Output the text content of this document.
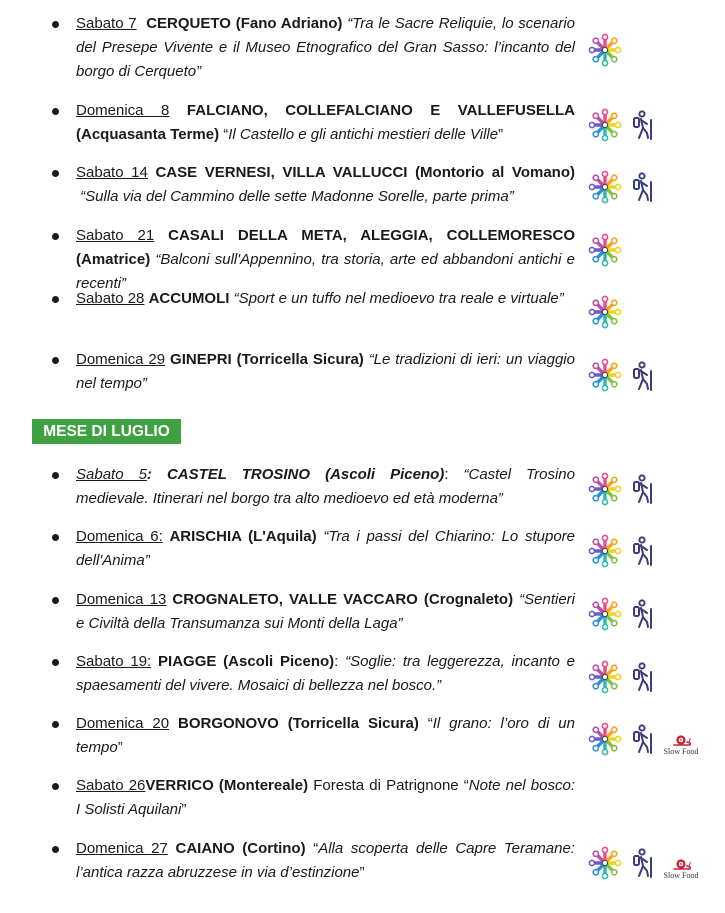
Sabato 7 CERQUETO (Fano Adriano) “Tra le Sacre Reliquie, lo scenario del Presepe Vivente e il Museo Etnografico del Gran Sasso: l’incanto del borgo di Cerqueto”
Domenica 8 FALCIANO, COLLEFALCIANO E VALLEFUSELLA (Acquasanta Terme) “Il Castello e gli antichi mestieri delle Ville”
Sabato 14 CASE VERNESI, VILLA VALLUCCI (Montorio al Vomano) “Sulla via del Cammino delle sette Madonne Sorelle, parte prima”
Sabato 21 CASALI DELLA META, ALEGGIA, COLLEMORESCO (Amatrice) “Balconi sull'Appennino, tra storia, arte ed abbandoni antichi e recenti”
Sabato 28 ACCUMOLI “Sport e un tuffo nel medioevo tra reale e virtuale”
Domenica 29 GINEPRI (Torricella Sicura) “Le tradizioni di ieri: un viaggio nel tempo”
MESE DI LUGLIO
Sabato 5: CASTEL TROSINO (Ascoli Piceno): “Castel Trosino medievale. Itinerari nel borgo tra alto medioevo ed età moderna”
Domenica 6: ARISCHIA (L'Aquila) “Tra i passi del Chiarino: Lo stupore dell'Anima”
Domenica 13 CROGNALETO, VALLE VACCARO (Crognaleto) “Sentieri e Civiltà della Transumanza sui Monti della Laga”
Sabato 19: PIAGGE (Ascoli Piceno): “Soglie: tra leggerezza, incanto e spaesamenti del vivere. Mosaici di bellezza nel bosco.”
Domenica 20 BORGONOVO (Torricella Sicura) “Il grano: l’oro di un tempo”	Slow Food
Sabato 26VERRICO (Montereale) Foresta di Patrignone “Note nel bosco: I Solisti Aquilani”
Domenica 27 CAIANO (Cortino) “Alla scoperta delle Capre Teramane: l’antica razza abruzzese in via d’estinzione”	Slow Food
